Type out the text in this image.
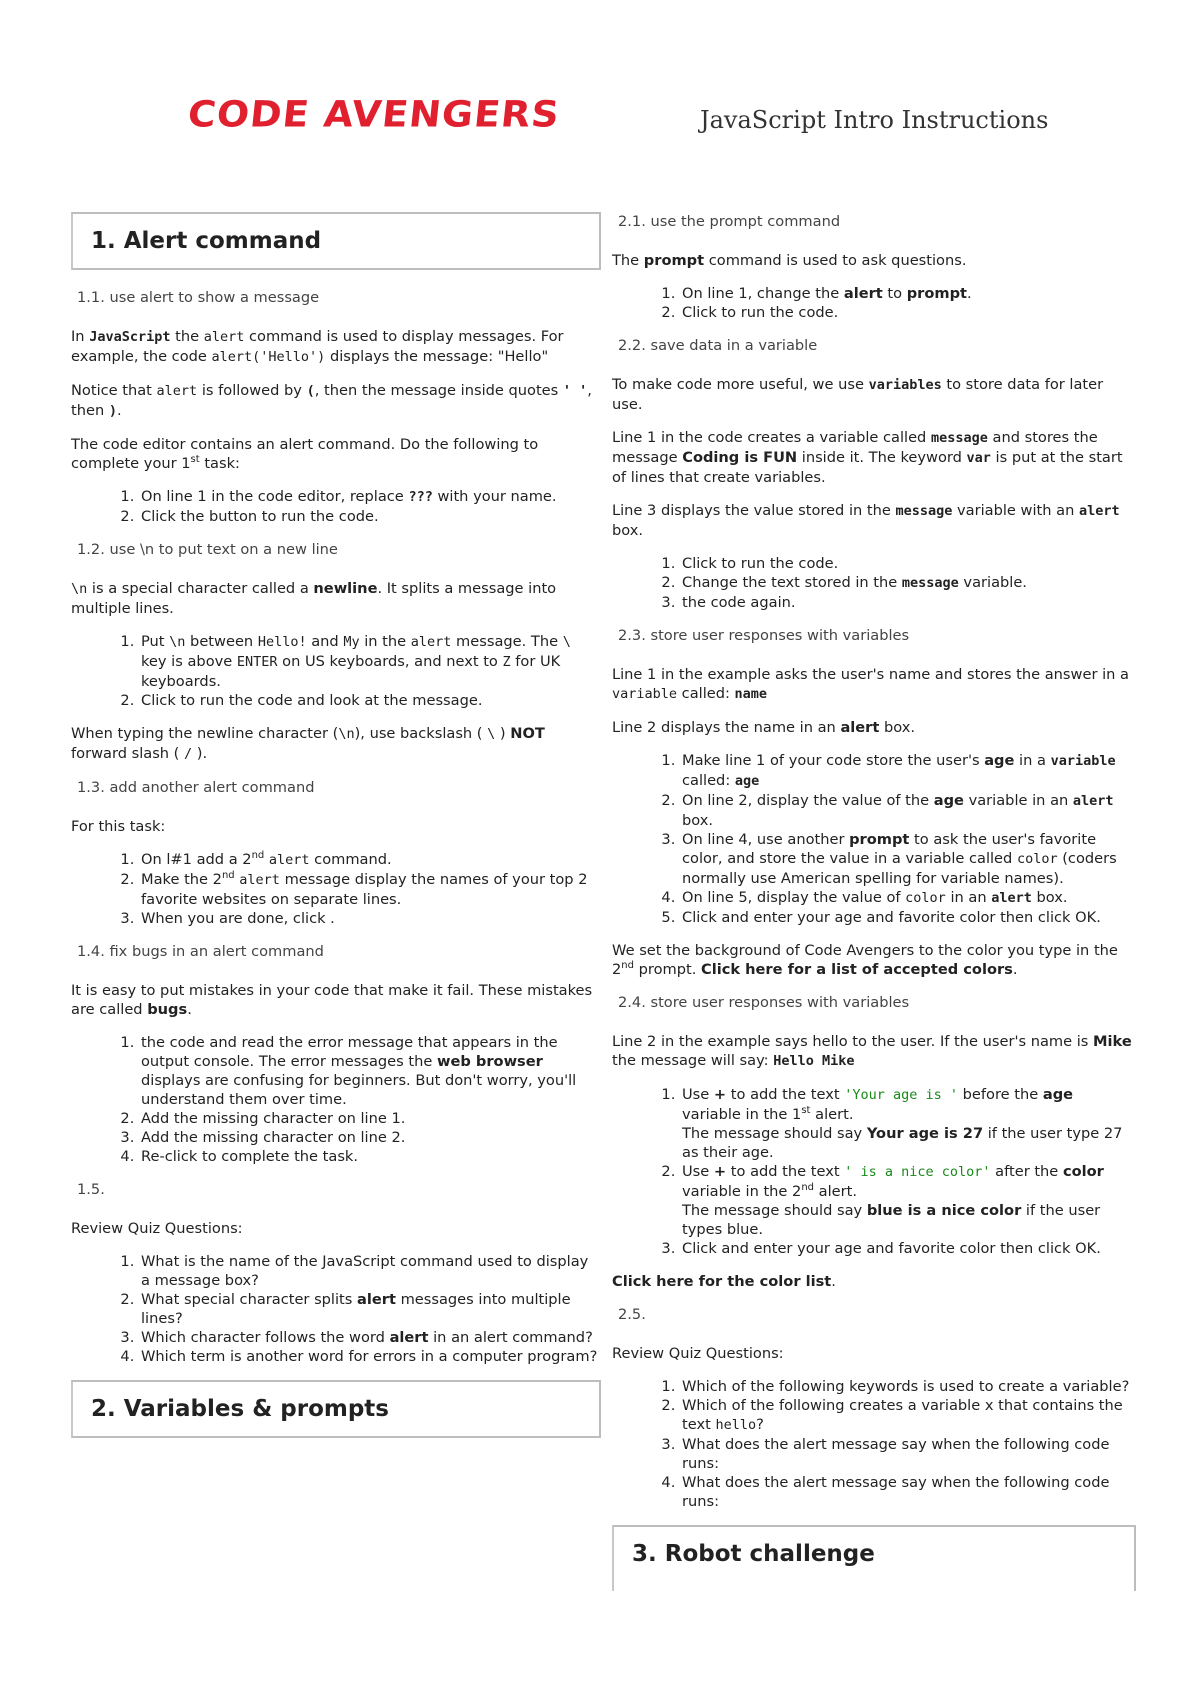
CODE AVENGERS	JavaScript Intro Instructions
1. Alert command
1.1. use alert to show a message

In JavaScript the alert command is used to display messages. For example, the code alert('Hello') displays the message: "Hello"

Notice that alert is followed by (, then the message inside quotes ' ', then ).

The code editor contains an alert command. Do the following to complete your 1st task:

1. On line 1 in the code editor, replace ??? with your name.
2. Click the button to run the code.
1.2. use \n to put text on a new line

\n is a special character called a newline. It splits a message into multiple lines.

1. Put \n between Hello! and My in the alert message. The \ key is above ENTER on US keyboards, and next to Z for UK keyboards.
2. Click to run the code and look at the message.

When typing the newline character (\n), use backslash ( \ ) NOT forward slash ( / ).

1.3. add another alert command

For this task:

1. On l#1 add a 2nd alert command.
2. Make the 2nd alert message display the names of your top 2 favorite websites on separate lines.
3. When you are done, click .
1.4. fix bugs in an alert command

It is easy to put mistakes in your code that make it fail. These mistakes are called bugs.

1. the code and read the error message that appears in the output console. The error messages the web browser displays are confusing for beginners. But don't worry, you'll understand them over time.
2. Add the missing character on line 1.
3. Add the missing character on line 2.
4. Re-click to complete the task.
1.5.

Review Quiz Questions:

1. What is the name of the JavaScript command used to display a message box?
2. What special character splits alert messages into multiple lines?
3. Which character follows the word alert in an alert command?
4. Which term is another word for errors in a computer program?
2. Variables & prompts
2.1. use the prompt command

The prompt command is used to ask questions.

1. On line 1, change the alert to prompt.
2. Click to run the code.
2.2. save data in a variable

To make code more useful, we use variables to store data for later use.

Line 1 in the code creates a variable called message and stores the message Coding is FUN inside it. The keyword var is put at the start of lines that create variables.

Line 3 displays the value stored in the message variable with an alert box.

1. Click to run the code.
2. Change the text stored in the message variable.
3. the code again.
2.3. store user responses with variables

Line 1 in the example asks the user's name and stores the answer in a variable called: name

Line 2 displays the name in an alert box.

1. Make line 1 of your code store the user's age in a variable called: age
2. On line 2, display the value of the age variable in an alert box.
3. On line 4, use another prompt to ask the user's favorite color, and store the value in a variable called color (coders normally use American spelling for variable names).
4. On line 5, display the value of color in an alert box.
5. Click and enter your age and favorite color then click OK.

We set the background of Code Avengers to the color you type in the 2nd prompt. Click here for a list of accepted colors.

2.4. store user responses with variables

Line 2 in the example says hello to the user. If the user's name is Mike the message will say: Hello Mike

1. Use + to add the text 'Your age is ' before the age variable in the 1st alert.
The message should say Your age is 27 if the user type 27 as their age.
2. Use + to add the text ' is a nice color' after the color variable in the 2nd alert.
The message should say blue is a nice color if the user types blue.
3. Click and enter your age and favorite color then click OK.

Click here for the color list.

2.5.

Review Quiz Questions:

1. Which of the following keywords is used to create a variable?
2. Which of the following creates a variable x that contains the text hello?
3. What does the alert message say when the following code runs:
4. What does the alert message say when the following code runs:
3. Robot challenge
